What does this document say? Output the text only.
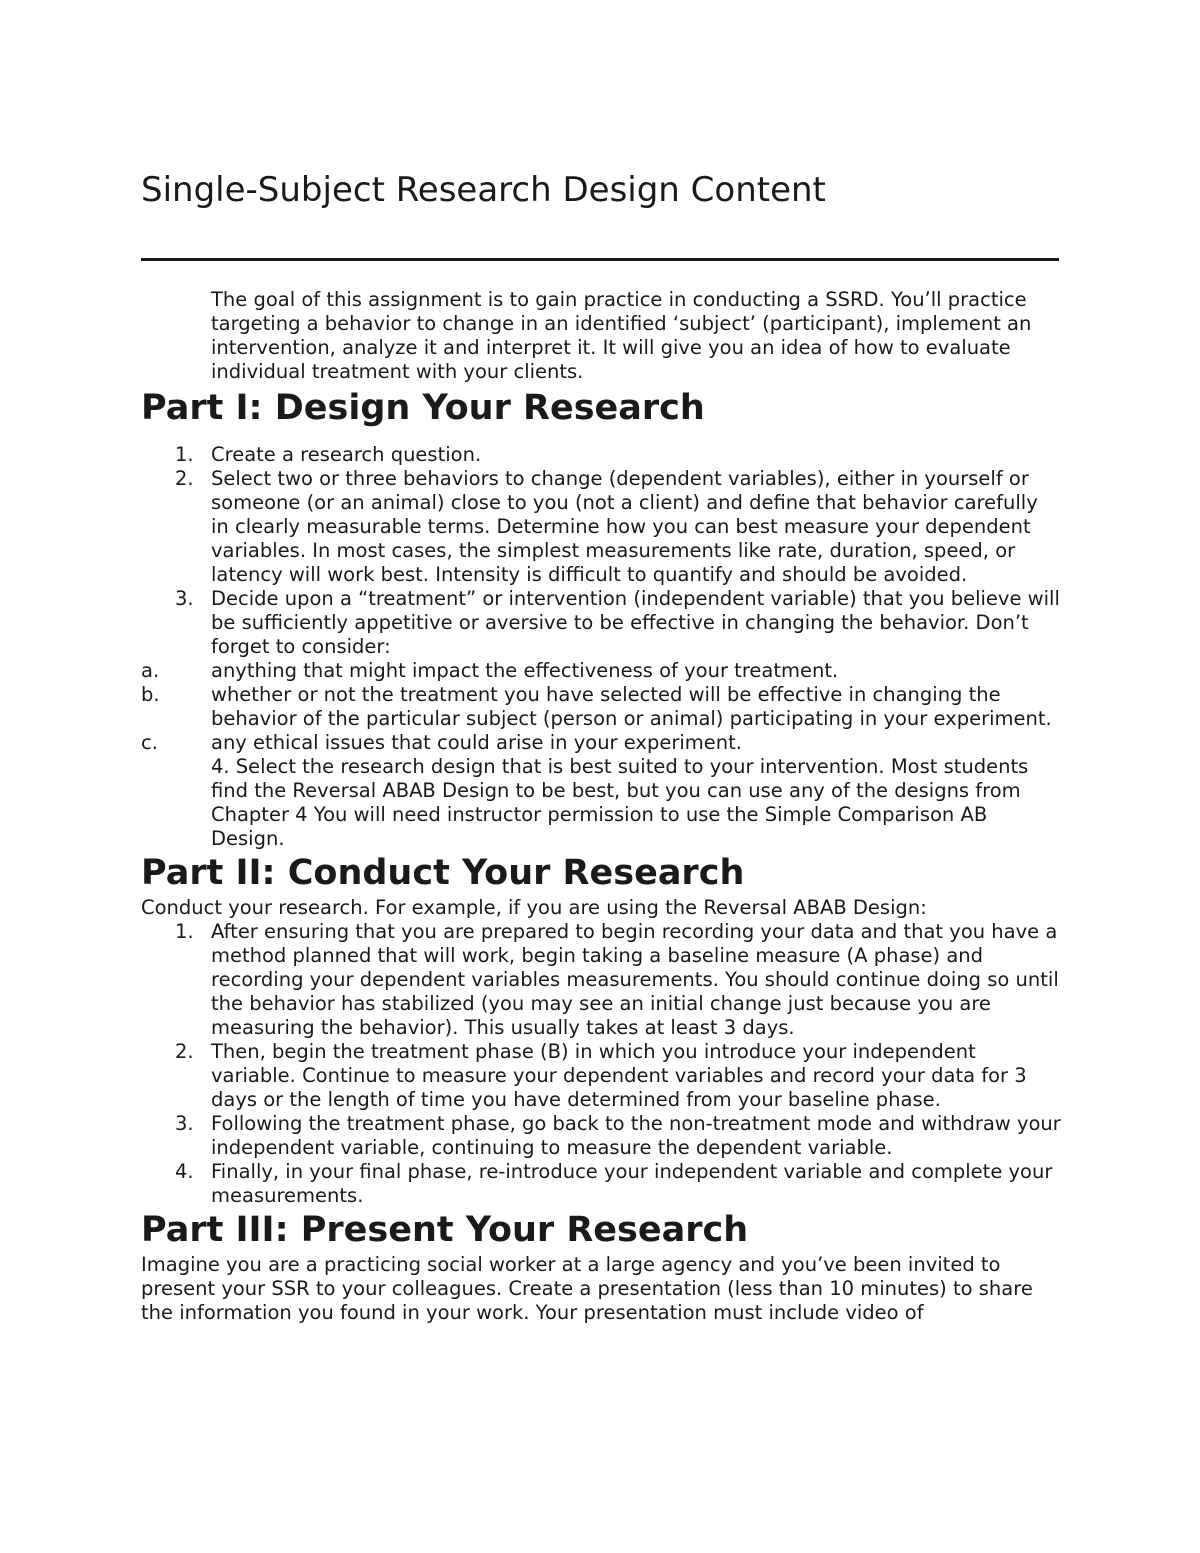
Single-Subject Research Design Content

The goal of this assignment is to gain practice in conducting a SSRD. You’ll practice targeting a behavior to change in an identified ‘subject’ (participant), implement an intervention, analyze it and interpret it. It will give you an idea of how to evaluate individual treatment with your clients.

Part I: Design Your Research
1. Create a research question.
2. Select two or three behaviors to change (dependent variables), either in yourself or someone (or an animal) close to you (not a client) and define that behavior carefully in clearly measurable terms. Determine how you can best measure your dependent variables. In most cases, the simplest measurements like rate, duration, speed, or latency will work best. Intensity is difficult to quantify and should be avoided.
3. Decide upon a “treatment” or intervention (independent variable) that you believe will be sufficiently appetitive or aversive to be effective in changing the behavior. Don’t forget to consider:
a.	anything that might impact the effectiveness of your treatment.
b.	whether or not the treatment you have selected will be effective in changing the behavior of the particular subject (person or animal) participating in your experiment.
c.	any ethical issues that could arise in your experiment.

4. Select the research design that is best suited to your intervention. Most students find the Reversal ABAB Design to be best, but you can use any of the designs from Chapter 4 You will need instructor permission to use the Simple Comparison AB Design.

Part II: Conduct Your Research

Conduct your research. For example, if you are using the Reversal ABAB Design:

1. After ensuring that you are prepared to begin recording your data and that you have a method planned that will work, begin taking a baseline measure (A phase) and recording your dependent variables measurements. You should continue doing so until the behavior has stabilized (you may see an initial change just because you are measuring the behavior). This usually takes at least 3 days.
2. Then, begin the treatment phase (B) in which you introduce your independent variable. Continue to measure your dependent variables and record your data for 3 days or the length of time you have determined from your baseline phase.
3. Following the treatment phase, go back to the non-treatment mode and withdraw your independent variable, continuing to measure the dependent variable.
4. Finally, in your final phase, re-introduce your independent variable and complete your measurements.
Part III: Present Your Research

Imagine you are a practicing social worker at a large agency and you’ve been invited to present your SSR to your colleagues. Create a presentation (less than 10 minutes) to share the information you found in your work. Your presentation must include video of
